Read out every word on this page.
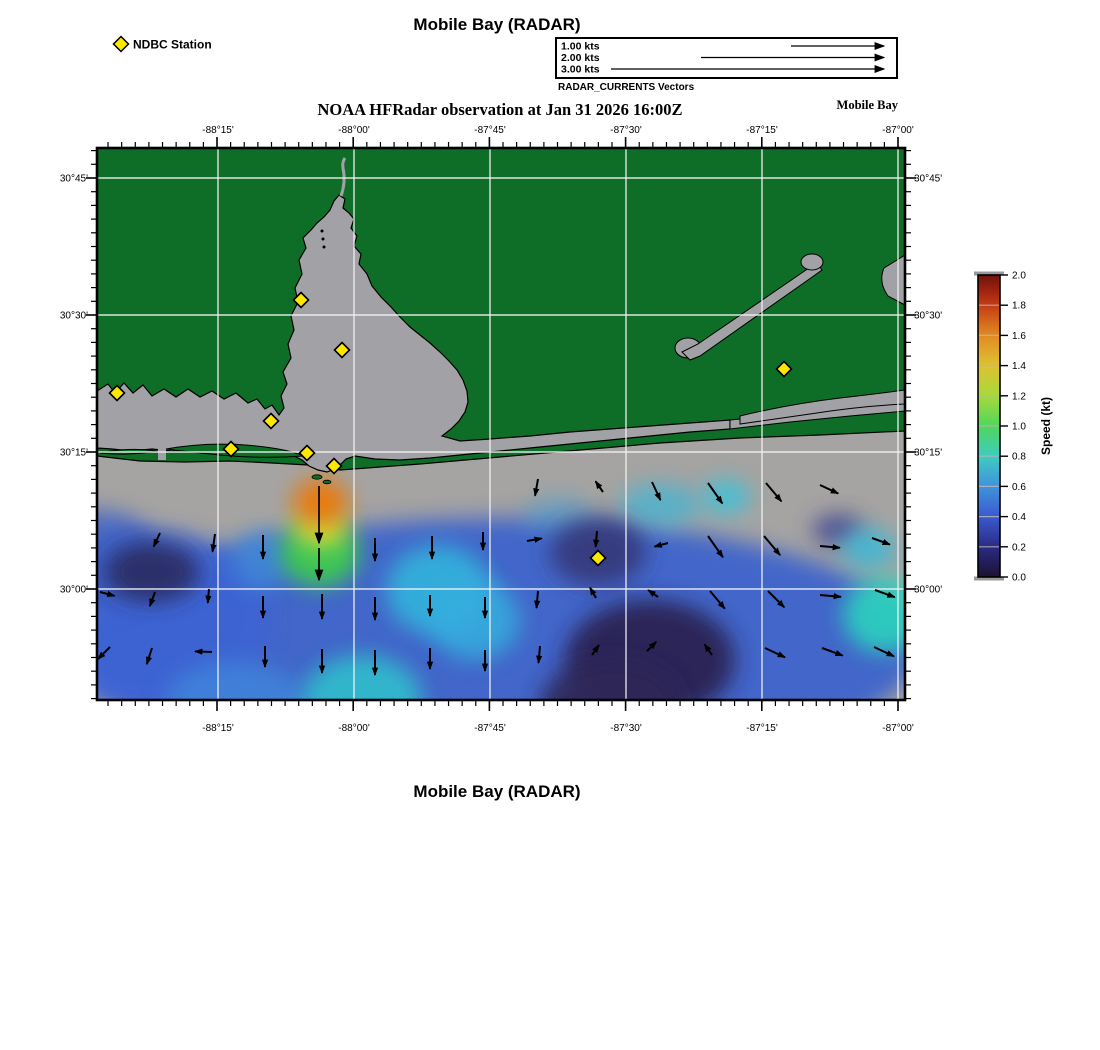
-88°15'
-88°15'
-88°00'
-88°00'
-87°45'
-87°45'
-87°30'
-87°30'
-87°15'
-87°15'
-87°00'
-87°00'
30°45'	30°45'
30°30'	30°30'
30°15'	30°15'
30°00'	30°00'
Mobile Bay (RADAR)
NDBC Station	1.00 kts
2.00 kts
3.00 kts
RADAR_CURRENTS Vectors
NOAA HFRadar observation at Jan 31 2026 16:00Z	Mobile Bay
2.0
1.8
1.6
1.4
1.2
1.0
0.8
0.6
0.4
0.2
0.0
Speed (kt)
Mobile Bay (RADAR)
